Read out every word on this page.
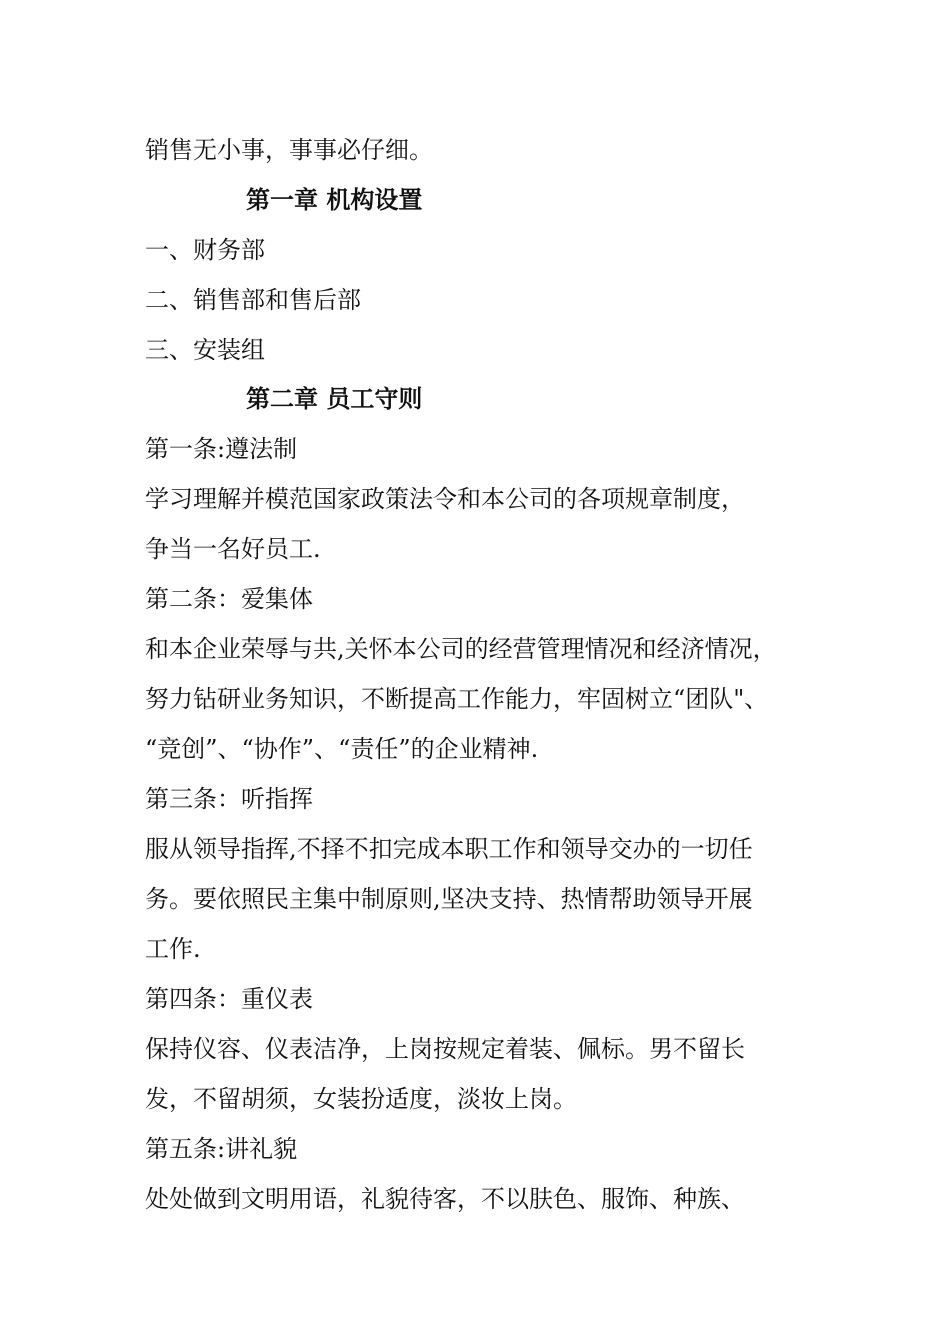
销售无小事，事事必仔细。
第一章 机构设置
一、财务部
二、销售部和售后部
三、安装组
第二章 员工守则
第一条:遵法制
学习理解并模范国家政策法令和本公司的各项规章制度，
争当一名好员工.
第二条：爱集体
和本企业荣辱与共,关怀本公司的经营管理情况和经济情况，
努力钻研业务知识，不断提高工作能力，牢固树立“团队"、
“竞创”、“协作”、“责任”的企业精神.
第三条：听指挥
服从领导指挥,不择不扣完成本职工作和领导交办的一切任
务。要依照民主集中制原则,坚决支持、热情帮助领导开展
工作.
第四条：重仪表
保持仪容、仪表洁净，上岗按规定着装、佩标。男不留长
发，不留胡须，女装扮适度，淡妆上岗。
第五条:讲礼貌
处处做到文明用语，礼貌待客，不以肤色、服饰、种族、
